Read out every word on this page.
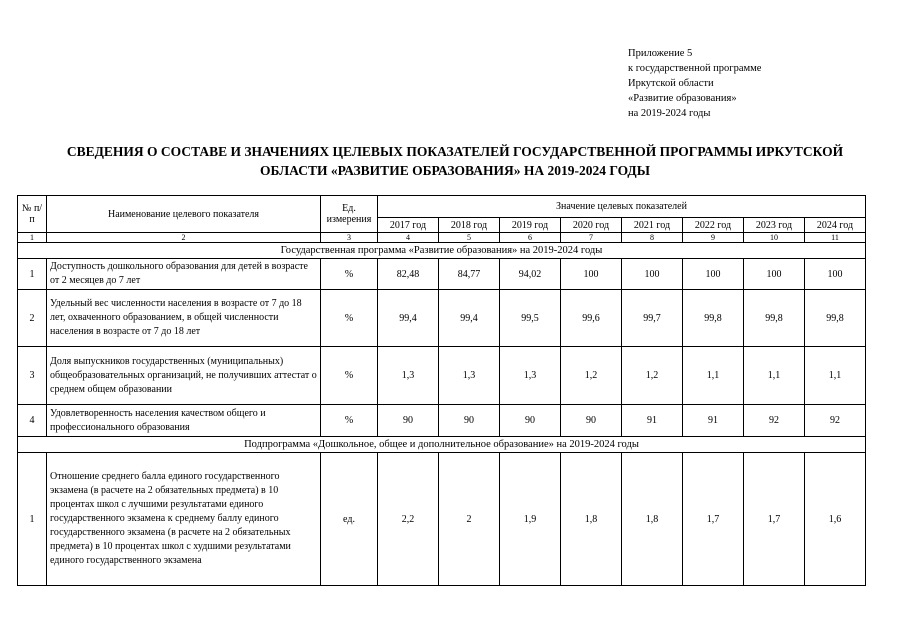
Приложение 5
к государственной программе
Иркутской области
«Развитие образования»
на 2019-2024 годы
СВЕДЕНИЯ О СОСТАВЕ И ЗНАЧЕНИЯХ ЦЕЛЕВЫХ ПОКАЗАТЕЛЕЙ ГОСУДАРСТВЕННОЙ ПРОГРАММЫ ИРКУТСКОЙ
ОБЛАСТИ «РАЗВИТИЕ ОБРАЗОВАНИЯ» НА 2019-2024 ГОДЫ
№ п/п	Наименование целевого показателя	Ед. измерения	Значение целевых показателей							
			2017 год	2018 год	2019 год	2020 год	2021 год	2022 год	2023 год	2024 год
1	2	3	4	5	6	7	8	9	10	11
Государственная программа «Развитие образования» на 2019-2024 годы										
1	Доступность дошкольного образования для детей в возрасте от 2 месяцев до 7 лет	%	82,48	84,77	94,02	100	100	100	100	100
2	Удельный вес численности населения в возрасте от 7 до 18 лет, охваченного образованием, в общей численности населения в возрасте от 7 до 18 лет	%	99,4	99,4	99,5	99,6	99,7	99,8	99,8	99,8
3	Доля выпускников государственных (муниципальных) общеобразовательных организаций, не получивших аттестат о среднем общем образовании	%	1,3	1,3	1,3	1,2	1,2	1,1	1,1	1,1
4	Удовлетворенность населения качеством общего и профессионального образования	%	90	90	90	90	91	91	92	92
Подпрограмма «Дошкольное, общее и дополнительное образование» на 2019-2024 годы										
1	Отношение среднего балла единого государственного экзамена (в расчете на 2 обязательных предмета) в 10 процентах школ с лучшими результатами единого государственного экзамена к среднему баллу единого государственного экзамена (в расчете на 2 обязательных предмета) в 10 процентах школ с худшими результатами единого государственного экзамена	ед.	2,2	2	1,9	1,8	1,8	1,7	1,7	1,6
